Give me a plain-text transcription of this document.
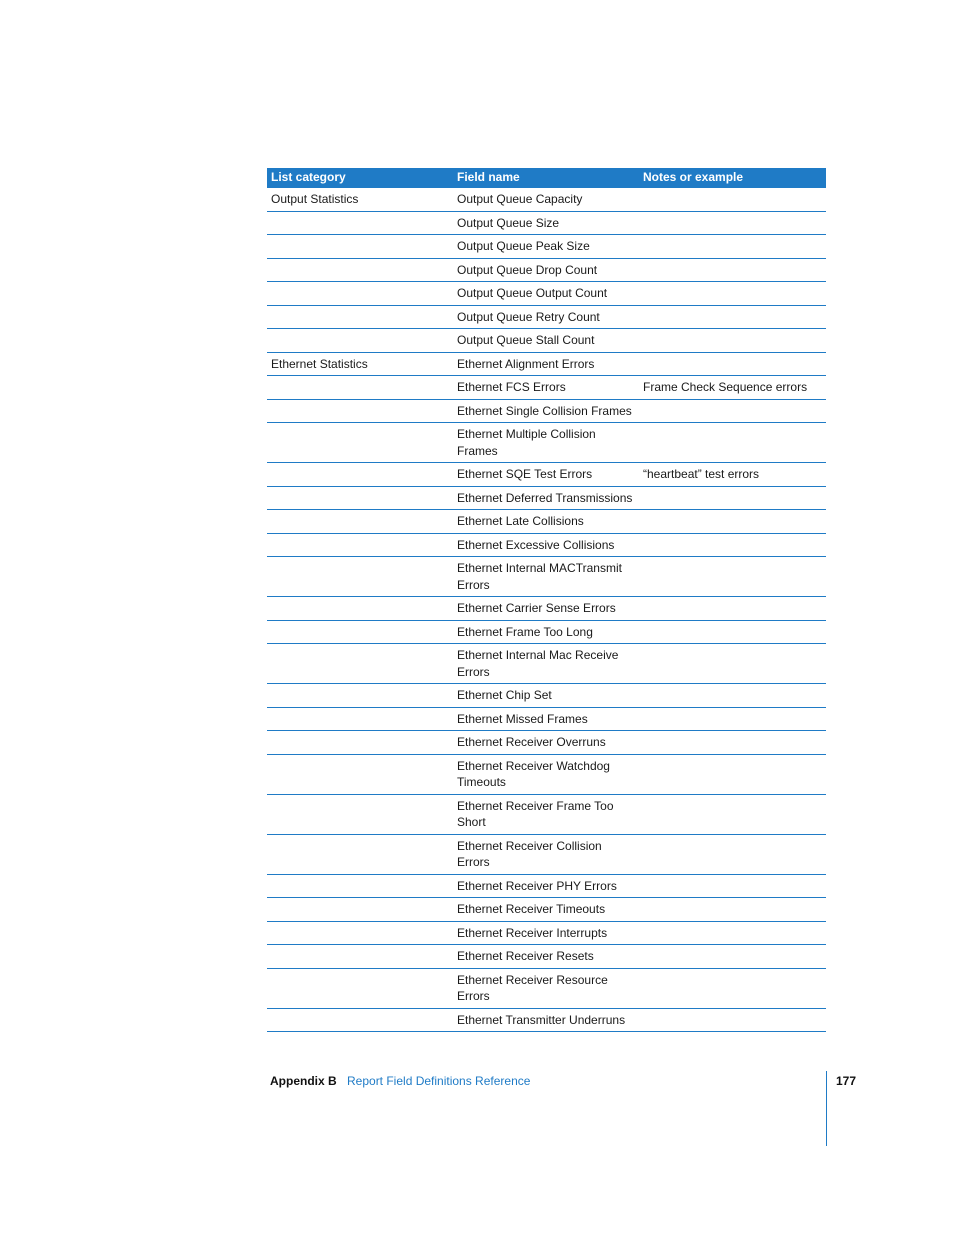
List category	Field name	Notes or example
Output Statistics	Output Queue Capacity	
	Output Queue Size	
	Output Queue Peak Size	
	Output Queue Drop Count	
	Output Queue Output Count	
	Output Queue Retry Count	
	Output Queue Stall Count	
Ethernet Statistics	Ethernet Alignment Errors	
	Ethernet FCS Errors	Frame Check Sequence errors
	Ethernet Single Collision Frames	
	Ethernet Multiple Collision Frames	
	Ethernet SQE Test Errors	“heartbeat” test errors
	Ethernet Deferred Transmissions	
	Ethernet Late Collisions	
	Ethernet Excessive Collisions	
	Ethernet Internal MACTransmit Errors	
	Ethernet Carrier Sense Errors	
	Ethernet Frame Too Long	
	Ethernet Internal Mac Receive Errors	
	Ethernet Chip Set	
	Ethernet Missed Frames	
	Ethernet Receiver Overruns	
	Ethernet Receiver Watchdog Timeouts	
	Ethernet Receiver Frame Too Short	
	Ethernet Receiver Collision Errors	
	Ethernet Receiver PHY Errors	
	Ethernet Receiver Timeouts	
	Ethernet Receiver Interrupts	
	Ethernet Receiver Resets	
	Ethernet Receiver Resource Errors	
	Ethernet Transmitter Underruns	
Appendix B Report Field Definitions Reference	177
